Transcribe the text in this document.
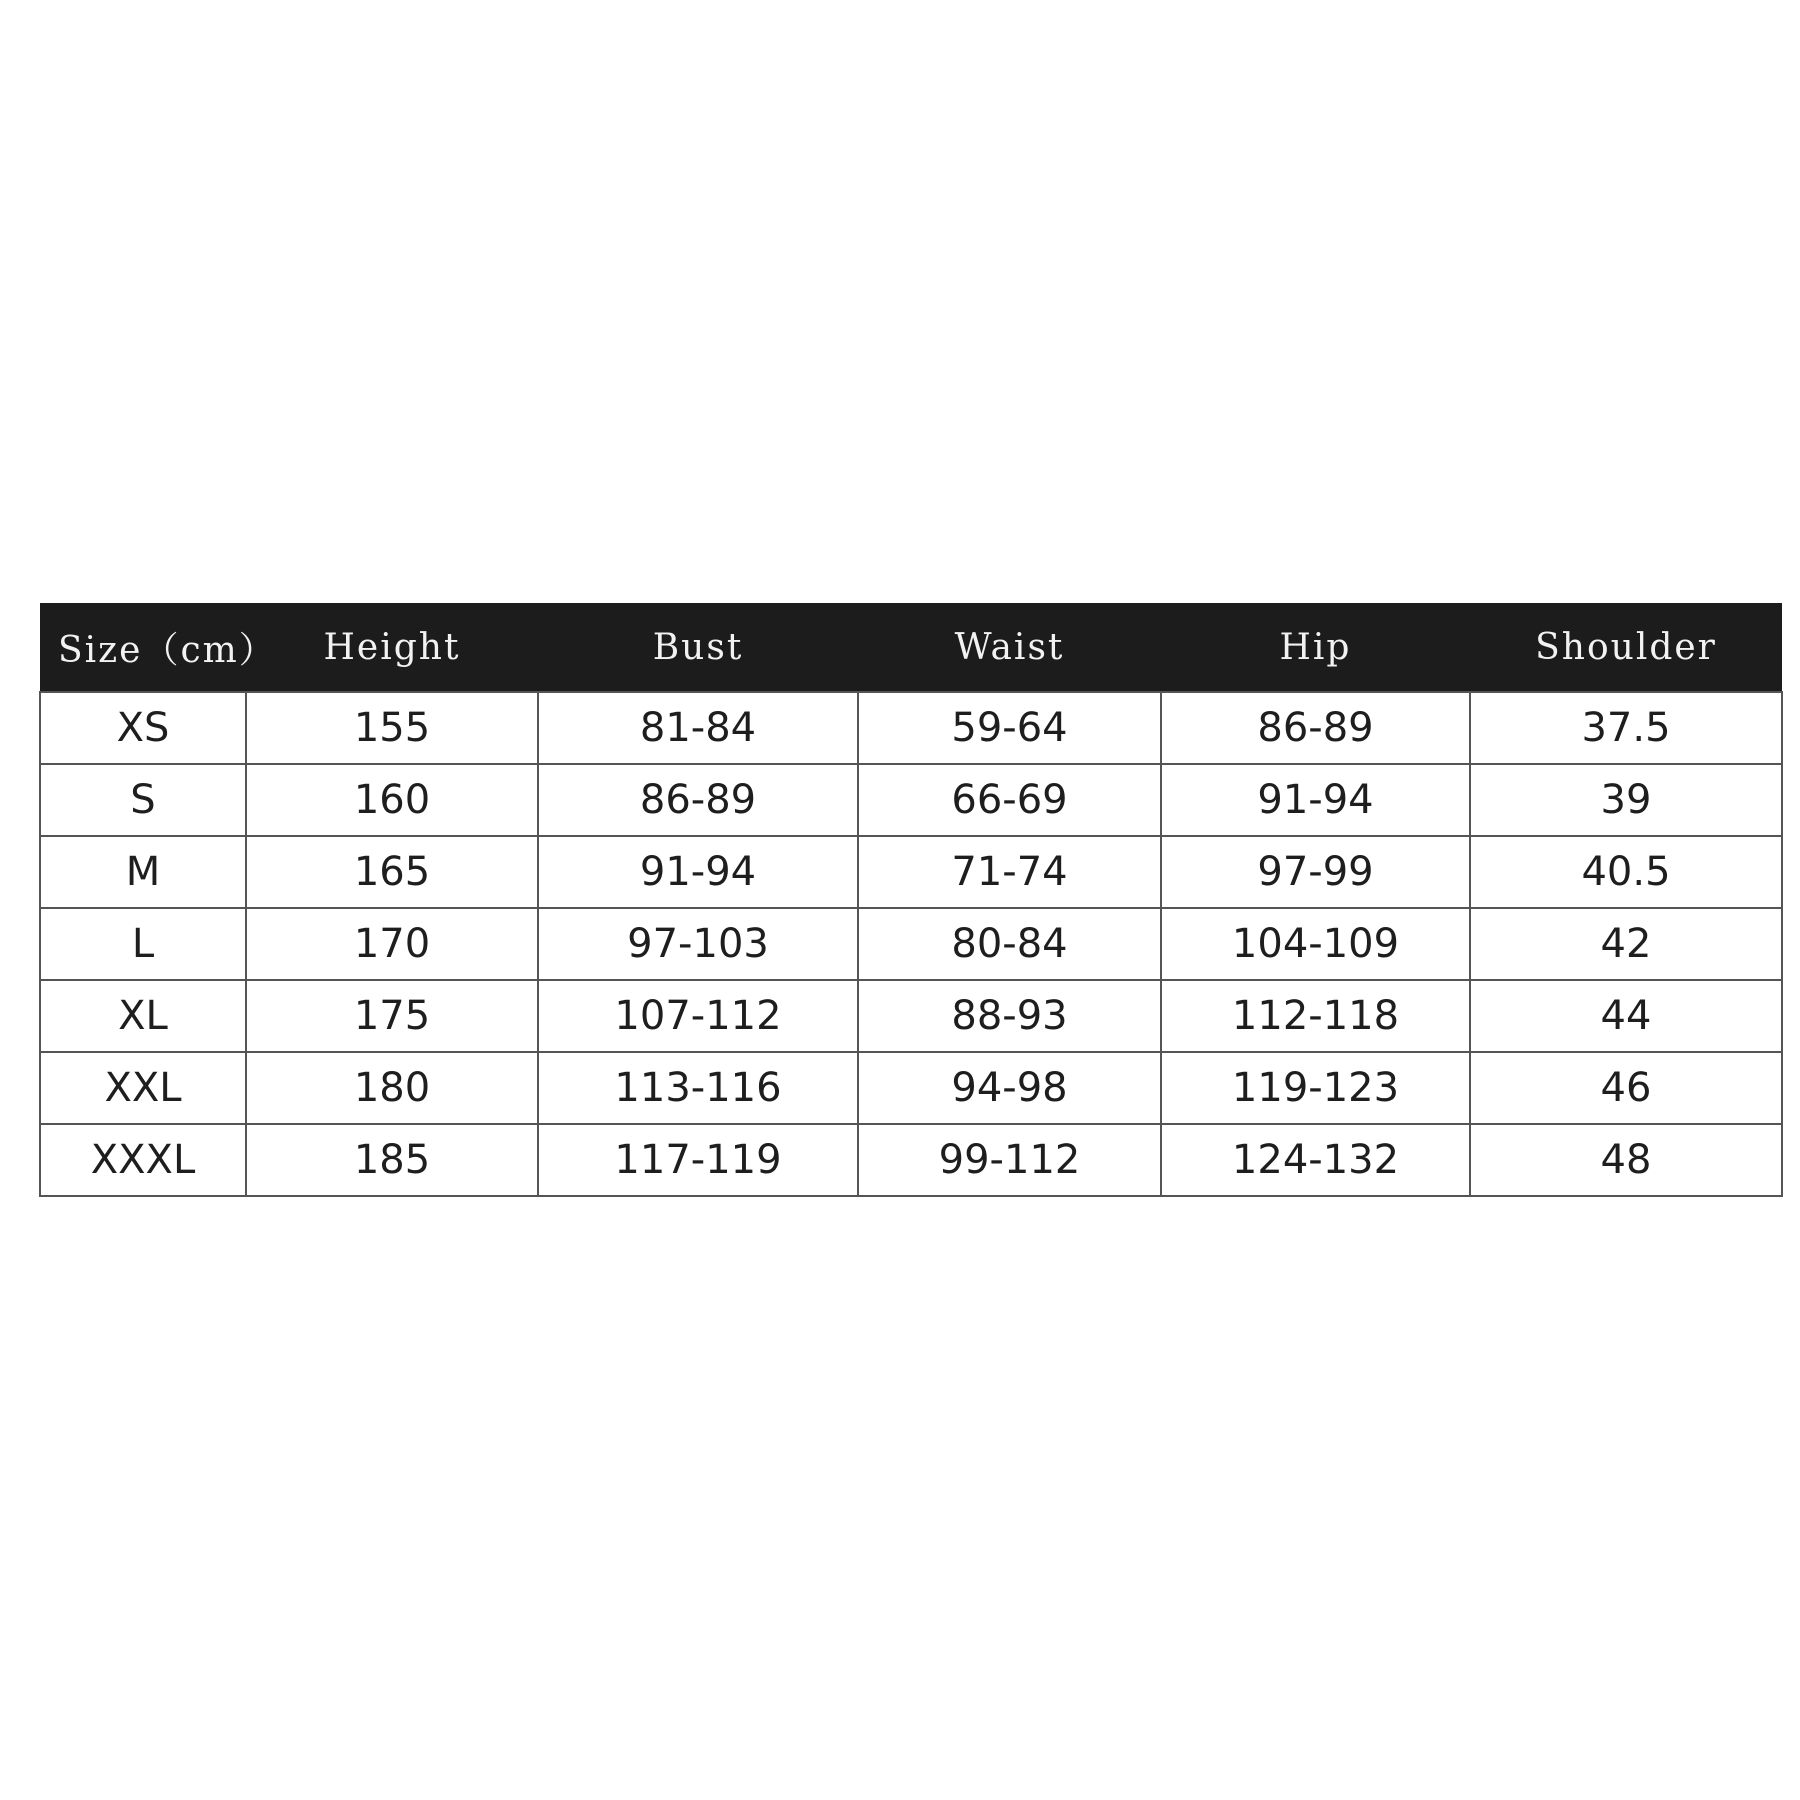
Size（cm）	Height	Bust	Waist	Hip	Shoulder
XS	155	81-84	59-64	86-89	37.5
S	160	86-89	66-69	91-94	39
M	165	91-94	71-74	97-99	40.5
L	170	97-103	80-84	104-109	42
XL	175	107-112	88-93	112-118	44
XXL	180	113-116	94-98	119-123	46
XXXL	185	117-119	99-112	124-132	48
